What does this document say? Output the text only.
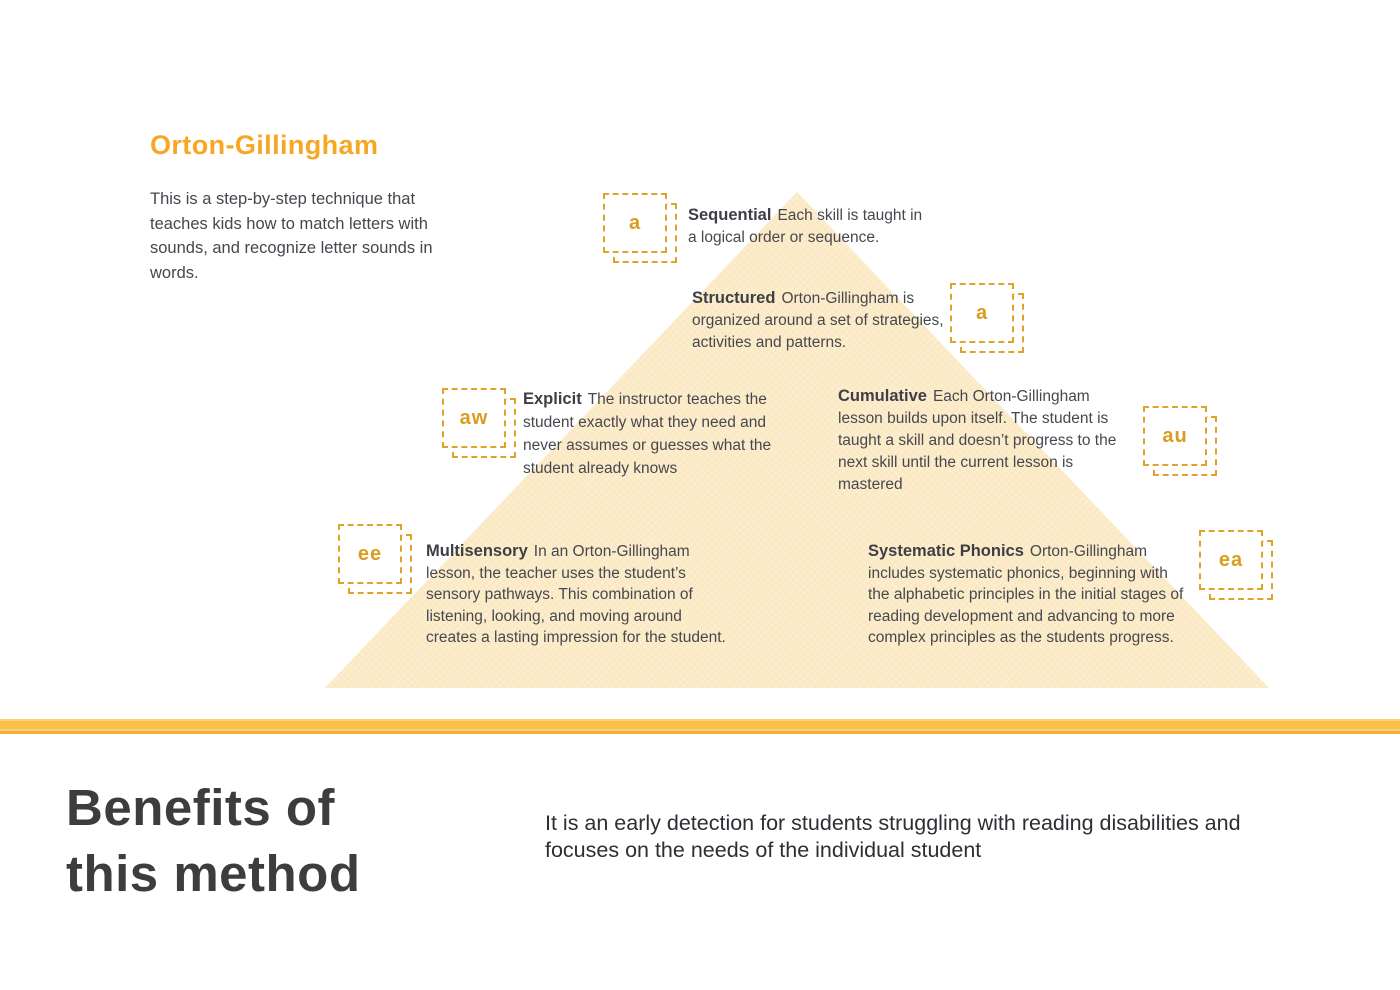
Orton-Gillingham

This is a step-by-step technique that teaches kids how to match letters with sounds, and recognize letter sounds in words.

a
a
aw
au
ee	ea

Sequential Each skill is taught in a logical order or sequence.

Structured Orton-Gillingham is organized around a set of strategies, activities and patterns.

Explicit The instructor teaches the student exactly what they need and never assumes or guesses what the student already knows

Cumulative Each Orton-Gillingham lesson builds upon itself. The student is taught a skill and doesn’t progress to the next skill until the current lesson is mastered

Multisensory In an Orton-Gillingham lesson, the teacher uses the student’s sensory pathways. This combination of listening, looking, and moving around creates a lasting impression for the student.

Systematic Phonics Orton-Gillingham includes systematic phonics, beginning with the alphabetic principles in the initial stages of reading development and advancing to more complex principles as the students progress.

Benefits of
this method

It is an early detection for students struggling with reading disabilities and focuses on the needs of the individual student
